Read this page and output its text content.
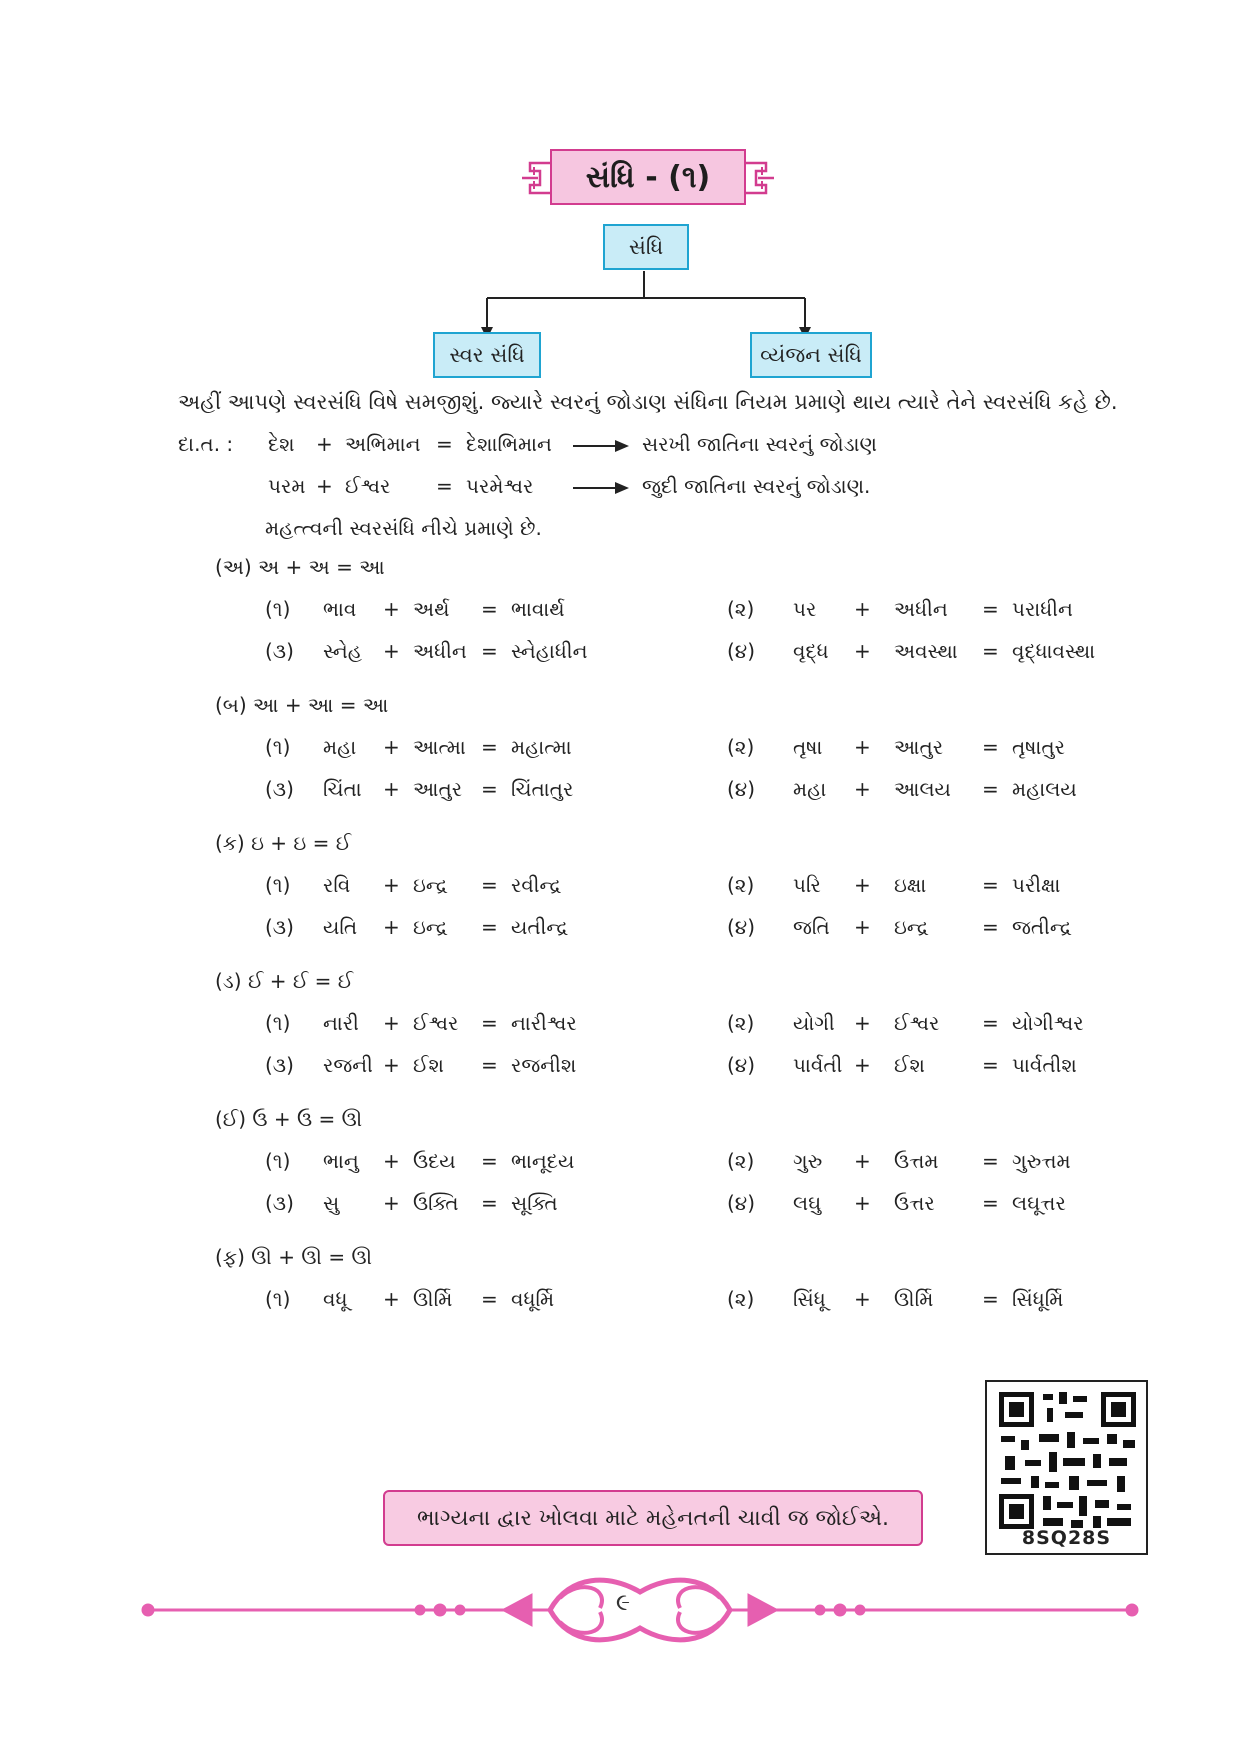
સંધિ - (૧)
સંધિ
સ્વર સંધિ	વ્યંજન સંધિ
અહીં આપણે સ્વરસંધિ વિષે સમજીશું. જ્યારે સ્વરનું જોડાણ સંધિના નિયમ પ્રમાણે થાય ત્યારે તેને સ્વરસંધિ કહે છે.
દા.ત. : દેશ + અભિમાન = દેશાભિમાન	સરખી જાતિના સ્વરનું જોડાણ
પરમ + ઈશ્વર = પરમેશ્વર	જુદી જાતિના સ્વરનું જોડાણ.
મહત્ત્વની સ્વરસંધિ નીચે પ્રમાણે છે.
(અ) અ + અ = આ
(૧) ભાવ + અર્થ = ભાવાર્થ	(૨) પર + અધીન = પરાધીન
(૩) સ્નેહ + અધીન = સ્નેહાધીન	(૪) વૃદ્ધ + અવસ્થા = વૃદ્ધાવસ્થા
(બ) આ + આ = આ
(૧) મહા + આત્મા = મહાત્મા	(૨) તૃષા + આતુર = તૃષાતુર
(૩) ચિંતા + આતુર = ચિંતાતુર	(૪) મહા + આલય = મહાલય
(ક) ઇ + ઇ = ઈ
(૧) રવિ + ઇન્દ્ર = રવીન્દ્ર	(૨) પરિ + ઇક્ષા	= પરીક્ષા
(૩) યતિ + ઇન્દ્ર = યતીન્દ્ર	(૪) જતિ + ઇન્દ્ર	= જતીન્દ્ર
(ડ) ઈ + ઈ = ઈ
(૧) નારી + ઈશ્વર = નારીશ્વર	(૨) યોગી + ઈશ્વર = યોગીશ્વર
(૩) રજની + ઈશ = રજનીશ	(૪) પાર્વતી + ઈશ	= પાર્વતીશ
(ઈ) ઉ + ઉ = ઊ
(૧) ભાનુ + ઉદય = ભાનૂદય	(૨) ગુરુ + ઉત્તમ = ગુરુત્તમ
(૩) સુ + ઉક્તિ = સૂક્તિ	(૪) લઘુ + ઉત્તર = લઘૂત્તર
(ફ) ઊ + ઊ = ઊ
(૧) વધૂ + ઊર્મિ = વધૂર્મિ	(૨) સિંધૂ + ઊર્મિ = સિંધૂર્મિ
ભાગ્યના દ્વાર ખોલવા માટે મહેનતની ચાવી જ જોઈએ.
8SQ28S
૯
